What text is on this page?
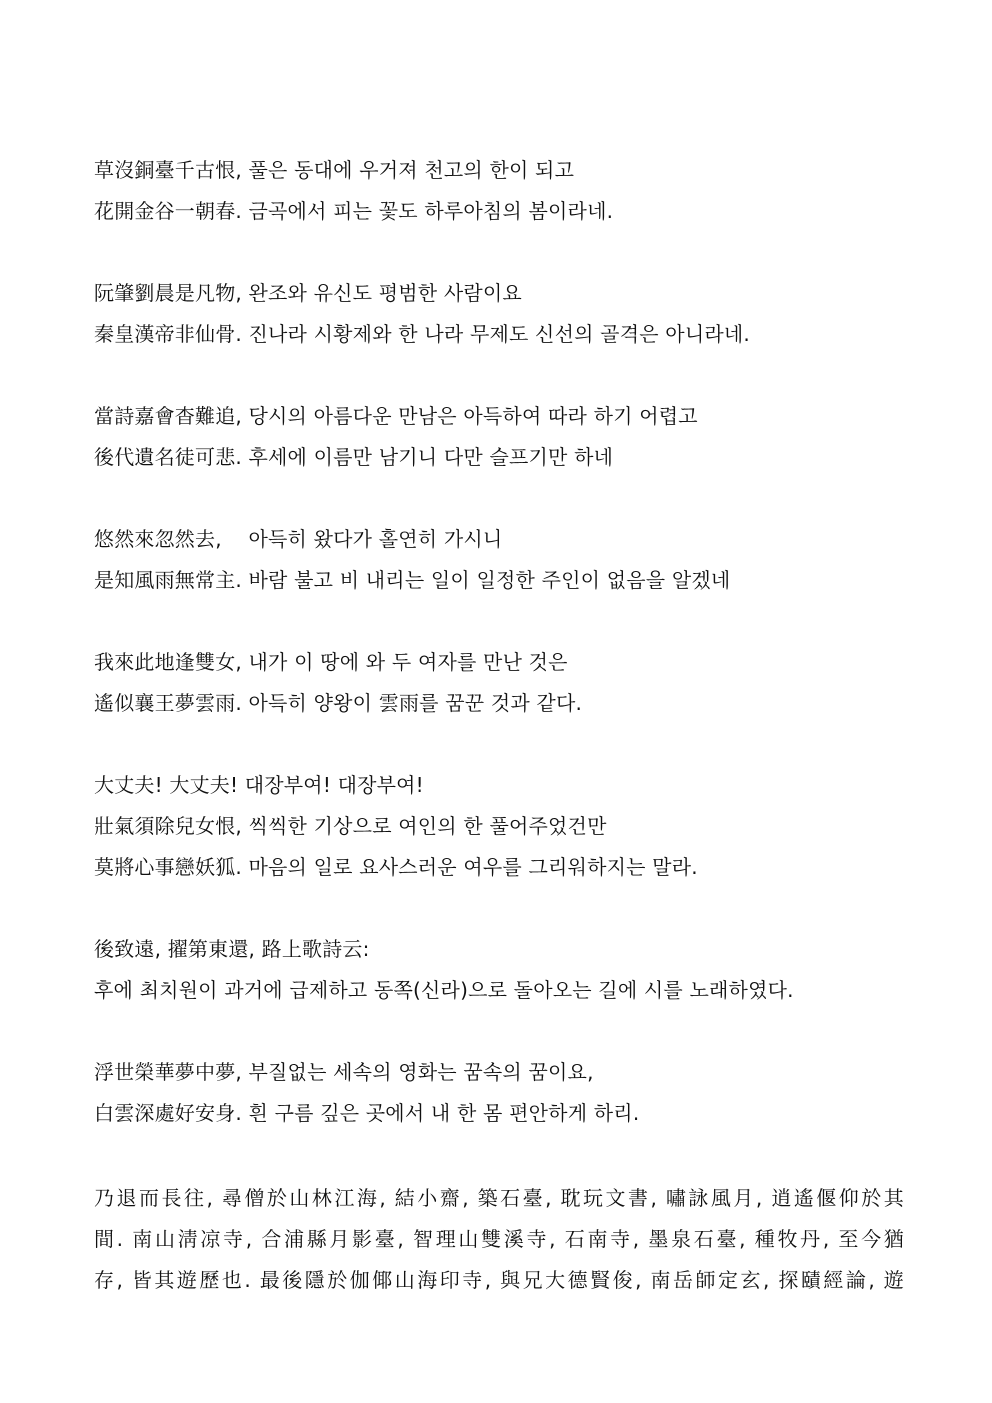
草沒銅臺千古恨, 풀은 동대에 우거져 천고의 한이 되고
花開金谷一朝春. 금곡에서 피는 꽃도 하루아침의 봄이라네.
阮肇劉晨是凡物, 완조와 유신도 평범한 사람이요
秦皇漢帝非仙骨. 진나라 시황제와 한 나라 무제도 신선의 골격은 아니라네.
當詩嘉會杳難追, 당시의 아름다운 만남은 아득하여 따라 하기 어렵고
後代遺名徒可悲. 후세에 이름만 남기니 다만 슬프기만 하네
悠然來忽然去,　 아득히 왔다가 홀연히 가시니
是知風雨無常主. 바람 불고 비 내리는 일이 일정한 주인이 없음을 알겠네
我來此地逢雙女, 내가 이 땅에 와 두 여자를 만난 것은
遙似襄王夢雲雨. 아득히 양왕이 雲雨를 꿈꾼 것과 같다.
大丈夫! 大丈夫! 대장부여! 대장부여!
壯氣須除兒女恨, 씩씩한 기상으로 여인의 한 풀어주었건만
莫將心事戀妖狐. 마음의 일로 요사스러운 여우를 그리워하지는 말라.
後致遠, 擢第東還, 路上歌詩云:
후에 최치원이 과거에 급제하고 동쪽(신라)으로 돌아오는 길에 시를 노래하였다.
浮世榮華夢中夢, 부질없는 세속의 영화는 꿈속의 꿈이요,
白雲深處好安身. 흰 구름 깊은 곳에서 내 한 몸 편안하게 하리.
乃退而長往, 尋僧於山林江海, 結小齋, 築石臺, 耽玩文書, 嘯詠風月, 逍遙偃仰於其
間. 南山淸凉寺, 合浦縣月影臺, 智理山雙溪寺, 石南寺, 墨泉石臺, 種牧丹, 至今猶
存, 皆其遊歷也. 最後隱於伽倻山海印寺, 與兄大德賢俊, 南岳師定玄, 探賾經論, 遊
